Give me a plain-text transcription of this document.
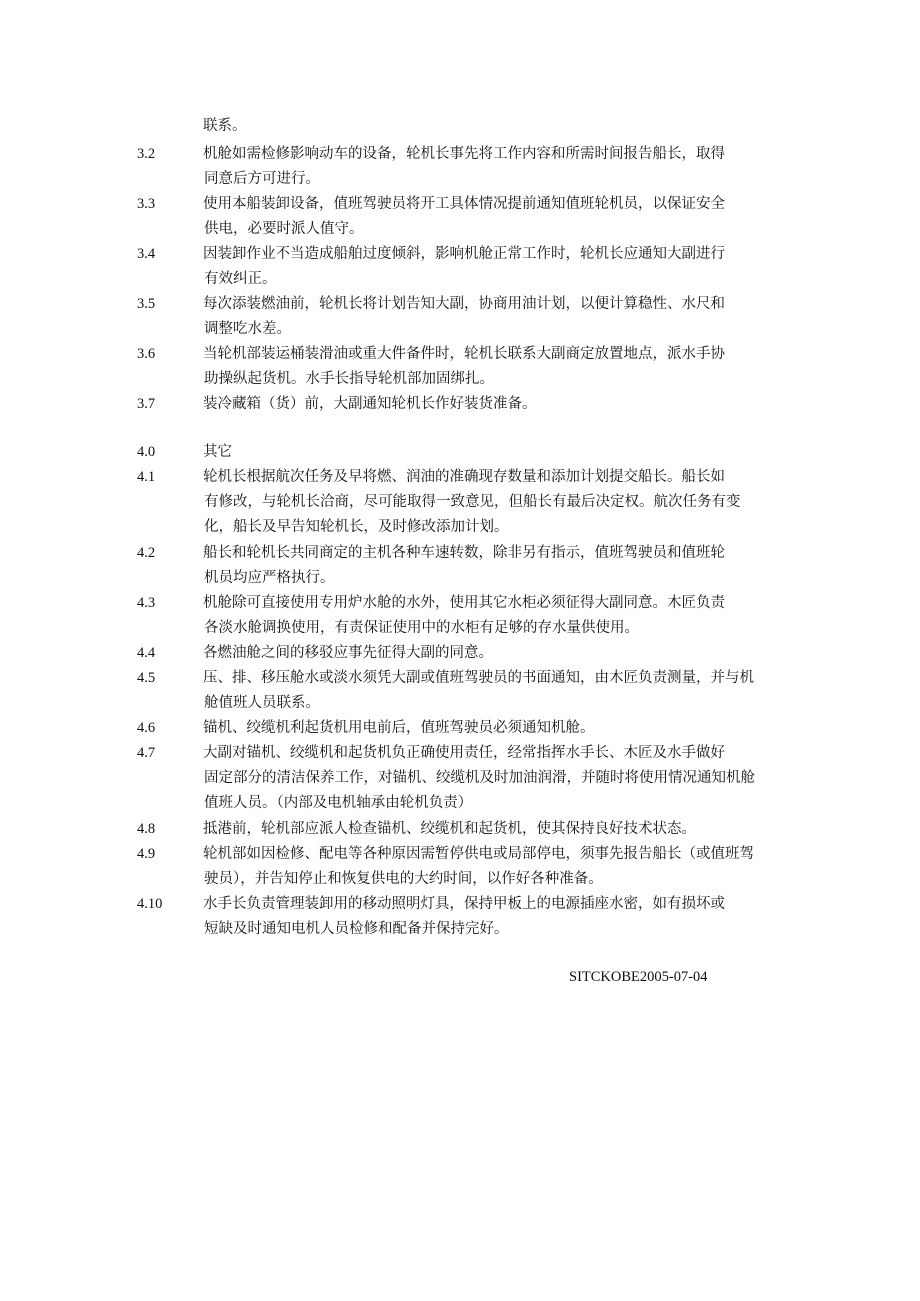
联系。
3.2	机舱如需检修影响动车的设备，轮机长事先将工作内容和所需时间报告船长，取得
同意后方可进行。
3.3	使用本船装卸设备，值班驾驶员将开工具体情况提前通知值班轮机员，以保证安全
供电，必要时派人值守。
3.4	因装卸作业不当造成船舶过度倾斜，影响机舱正常工作时，轮机长应通知大副进行
有效纠正。
3.5	每次添装燃油前，轮机长将计划告知大副，协商用油计划，以便计算稳性、水尺和
调整吃水差。
3.6	当轮机部装运桶装滑油或重大件备件时，轮机长联系大副商定放置地点，派水手协
助操纵起货机。水手长指导轮机部加固绑扎。
3.7	装冷藏箱（货）前，大副通知轮机长作好装货准备。
4.0	其它
4.1	轮机长根据航次任务及早将燃、润油的准确现存数量和添加计划提交船长。船长如
有修改，与轮机长洽商，尽可能取得一致意见，但船长有最后决定权。航次任务有变
化，船长及早告知轮机长，及时修改添加计划。
4.2	船长和轮机长共同商定的主机各种车速转数，除非另有指示，值班驾驶员和值班轮
机员均应严格执行。
4.3	机舱除可直接使用专用炉水舱的水外，使用其它水柜必须征得大副同意。木匠负责
各淡水舱调换使用，有责保证使用中的水柜有足够的存水量供使用。
4.4	各燃油舱之间的移驳应事先征得大副的同意。
4.5	压、排、移压舱水或淡水须凭大副或值班驾驶员的书面通知，由木匠负责测量，并与机
舱值班人员联系。
4.6	锚机、绞缆机利起货机用电前后，值班驾驶员必须通知机舱。
4.7	大副对锚机、绞缆机和起货机负正确使用责任，经常指挥水手长、木匠及水手做好
固定部分的清洁保养工作，对锚机、绞缆机及时加油润滑，并随时将使用情况通知机舱
值班人员。（内部及电机轴承由轮机负责）
4.8	抵港前，轮机部应派人检查锚机、绞缆机和起货机，使其保持良好技术状态。
4.9	轮机部如因检修、配电等各种原因需暂停供电或局部停电，须事先报告船长（或值班驾
驶员），并告知停止和恢复供电的大约时间，以作好各种准备。
4.10	水手长负责管理装卸用的移动照明灯具，保持甲板上的电源插座水密，如有损坏或
短缺及时通知电机人员检修和配备并保持完好。
SITCKOBE2005-07-04
